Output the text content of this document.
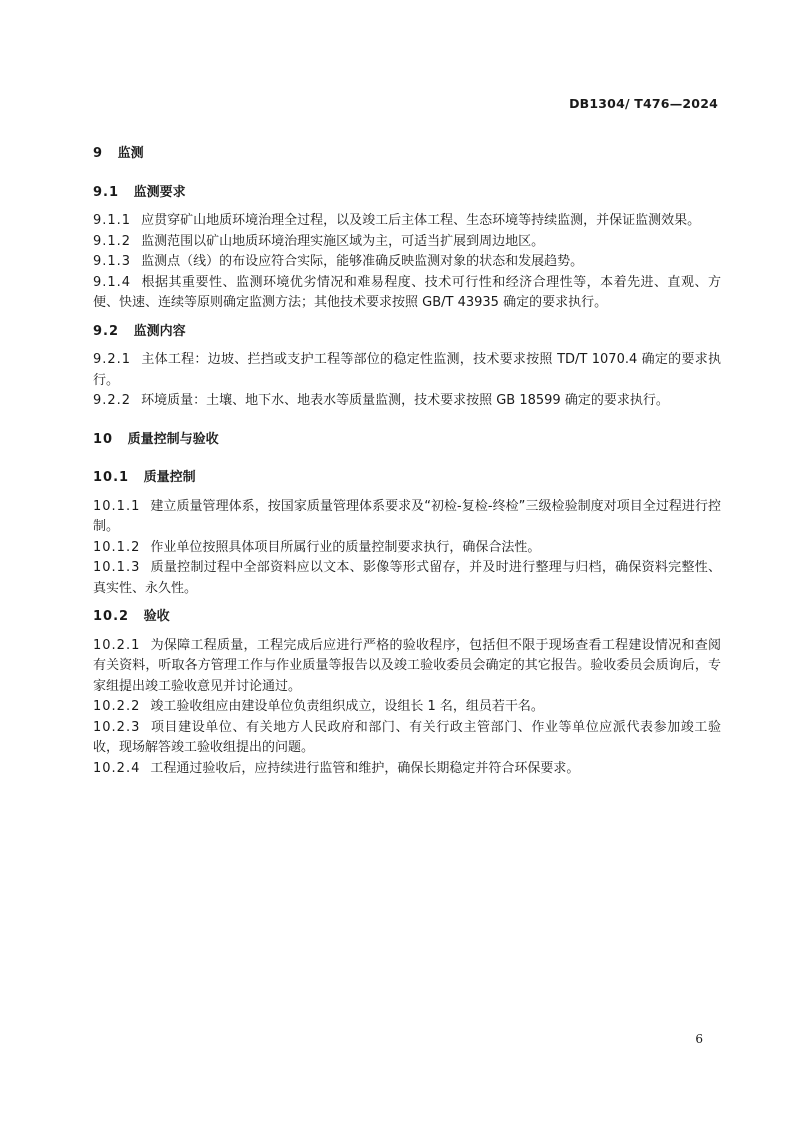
DB1304/ T476—2024
9 监测
9.1 监测要求

9.1.1 应贯穿矿山地质环境治理全过程，以及竣工后主体工程、生态环境等持续监测，并保证监测效果。

9.1.2 监测范围以矿山地质环境治理实施区域为主，可适当扩展到周边地区。

9.1.3 监测点（线）的布设应符合实际，能够准确反映监测对象的状态和发展趋势。

9.1.4 根据其重要性、监测环境优劣情况和难易程度、技术可行性和经济合理性等，本着先进、直观、方便、快速、连续等原则确定监测方法；其他技术要求按照 GB/T 43935 确定的要求执行。

9.2 监测内容

9.2.1 主体工程：边坡、拦挡或支护工程等部位的稳定性监测，技术要求按照 TD/T 1070.4 确定的要求执行。

9.2.2 环境质量：土壤、地下水、地表水等质量监测，技术要求按照 GB 18599 确定的要求执行。

10 质量控制与验收
10.1 质量控制

10.1.1 建立质量管理体系，按国家质量管理体系要求及“初检-复检-终检”三级检验制度对项目全过程进行控制。

10.1.2 作业单位按照具体项目所属行业的质量控制要求执行，确保合法性。

10.1.3 质量控制过程中全部资料应以文本、影像等形式留存，并及时进行整理与归档，确保资料完整性、真实性、永久性。

10.2 验收

10.2.1 为保障工程质量，工程完成后应进行严格的验收程序，包括但不限于现场查看工程建设情况和查阅有关资料，听取各方管理工作与作业质量等报告以及竣工验收委员会确定的其它报告。验收委员会质询后，专家组提出竣工验收意见并讨论通过。

10.2.2 竣工验收组应由建设单位负责组织成立，设组长 1 名，组员若干名。

10.2.3 项目建设单位、有关地方人民政府和部门、有关行政主管部门、作业等单位应派代表参加竣工验收，现场解答竣工验收组提出的问题。

10.2.4 工程通过验收后，应持续进行监管和维护，确保长期稳定并符合环保要求。

6
